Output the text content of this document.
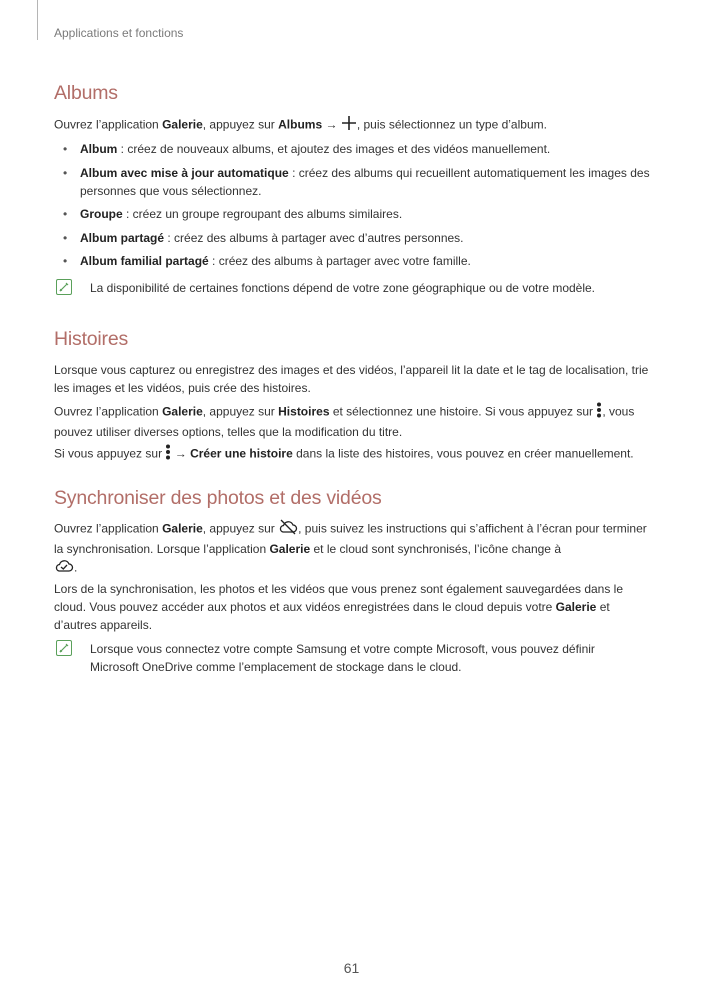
Applications et fonctions
Albums

Ouvrez l’application Galerie, appuyez sur Albums → , puis sélectionnez un type d’album.

• Album : créez de nouveaux albums, et ajoutez des images et des vidéos manuellement.
• Album avec mise à jour automatique : créez des albums qui recueillent automatiquement les images des personnes que vous sélectionnez.
• Groupe : créez un groupe regroupant des albums similaires.
• Album partagé : créez des albums à partager avec d’autres personnes.
• Album familial partagé : créez des albums à partager avec votre famille.
La disponibilité de certaines fonctions dépend de votre zone géographique ou de votre modèle.
Histoires

Lorsque vous capturez ou enregistrez des images et des vidéos, l’appareil lit la date et le tag de localisation, trie les images et les vidéos, puis crée des histoires.

Ouvrez l’application Galerie, appuyez sur Histoires et sélectionnez une histoire. Si vous appuyez sur , vous pouvez utiliser diverses options, telles que la modification du titre.

Si vous appuyez sur  → Créer une histoire dans la liste des histoires, vous pouvez en créer manuellement.

Synchroniser des photos et des vidéos

Ouvrez l’application Galerie, appuyez sur , puis suivez les instructions qui s’affichent à l’écran pour terminer la synchronisation. Lorsque l’application Galerie et le cloud sont synchronisés, l’icône change à
.

Lors de la synchronisation, les photos et les vidéos que vous prenez sont également sauvegardées dans le cloud. Vous pouvez accéder aux photos et aux vidéos enregistrées dans le cloud depuis votre Galerie et d’autres appareils.

Lorsque vous connectez votre compte Samsung et votre compte Microsoft, vous pouvez définir Microsoft OneDrive comme l’emplacement de stockage dans le cloud.
61
